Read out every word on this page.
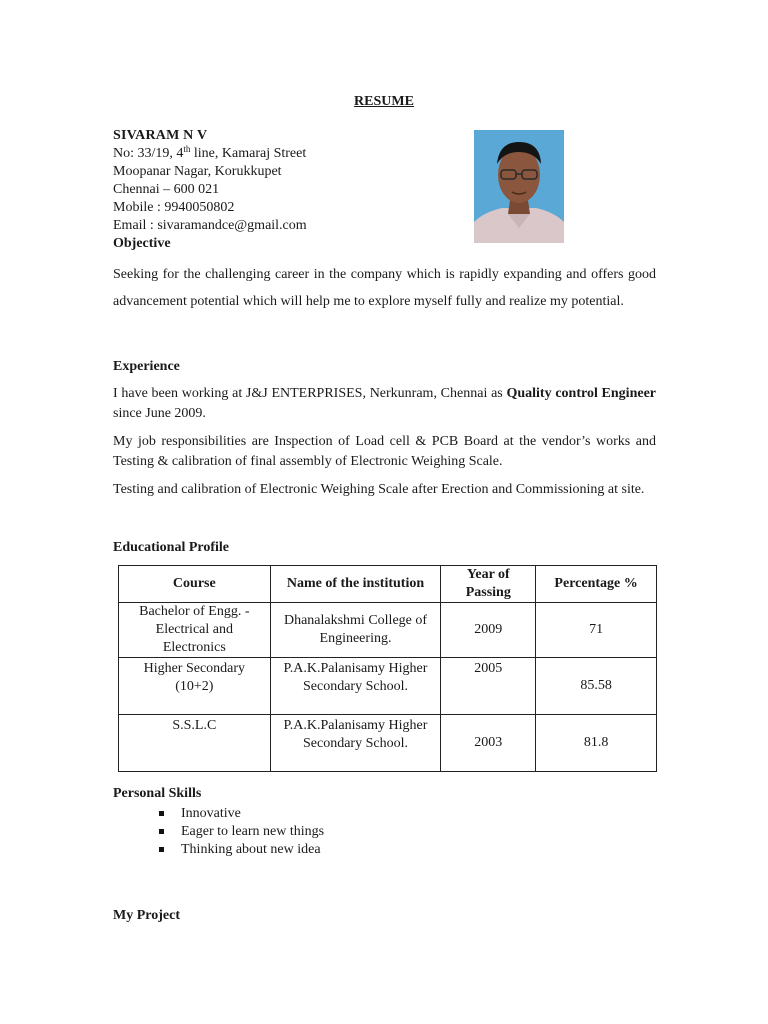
RESUME
SIVARAM N V
No: 33/19, 4th line, Kamaraj Street
Moopanar Nagar, Korukkupet
Chennai – 600 021
Mobile : 9940050802
Email : sivaramandce@gmail.com
Objective
Seeking for the challenging career in the company which is rapidly expanding and offers good advancement potential which will help me to explore myself fully and realize my potential.
Experience
I have been working at J&J ENTERPRISES, Nerkunram, Chennai as Quality control Engineer since June 2009.
My job responsibilities are Inspection of Load cell & PCB Board at the vendor’s works and Testing & calibration of final assembly of Electronic Weighing Scale.
Testing and calibration of Electronic Weighing Scale after Erection and Commissioning at site.
Educational Profile
Course	Name of the institution	Year of Passing	Percentage %
Bachelor of Engg. -Electrical and Electronics	Dhanalakshmi College of Engineering.	2009	71
Higher Secondary (10+2)	P.A.K.Palanisamy Higher Secondary School.	2005	85.58
S.S.L.C	P.A.K.Palanisamy Higher Secondary School.	2003	81.8
Personal Skills
Innovative
Eager to learn new things
Thinking about new idea
My Project
